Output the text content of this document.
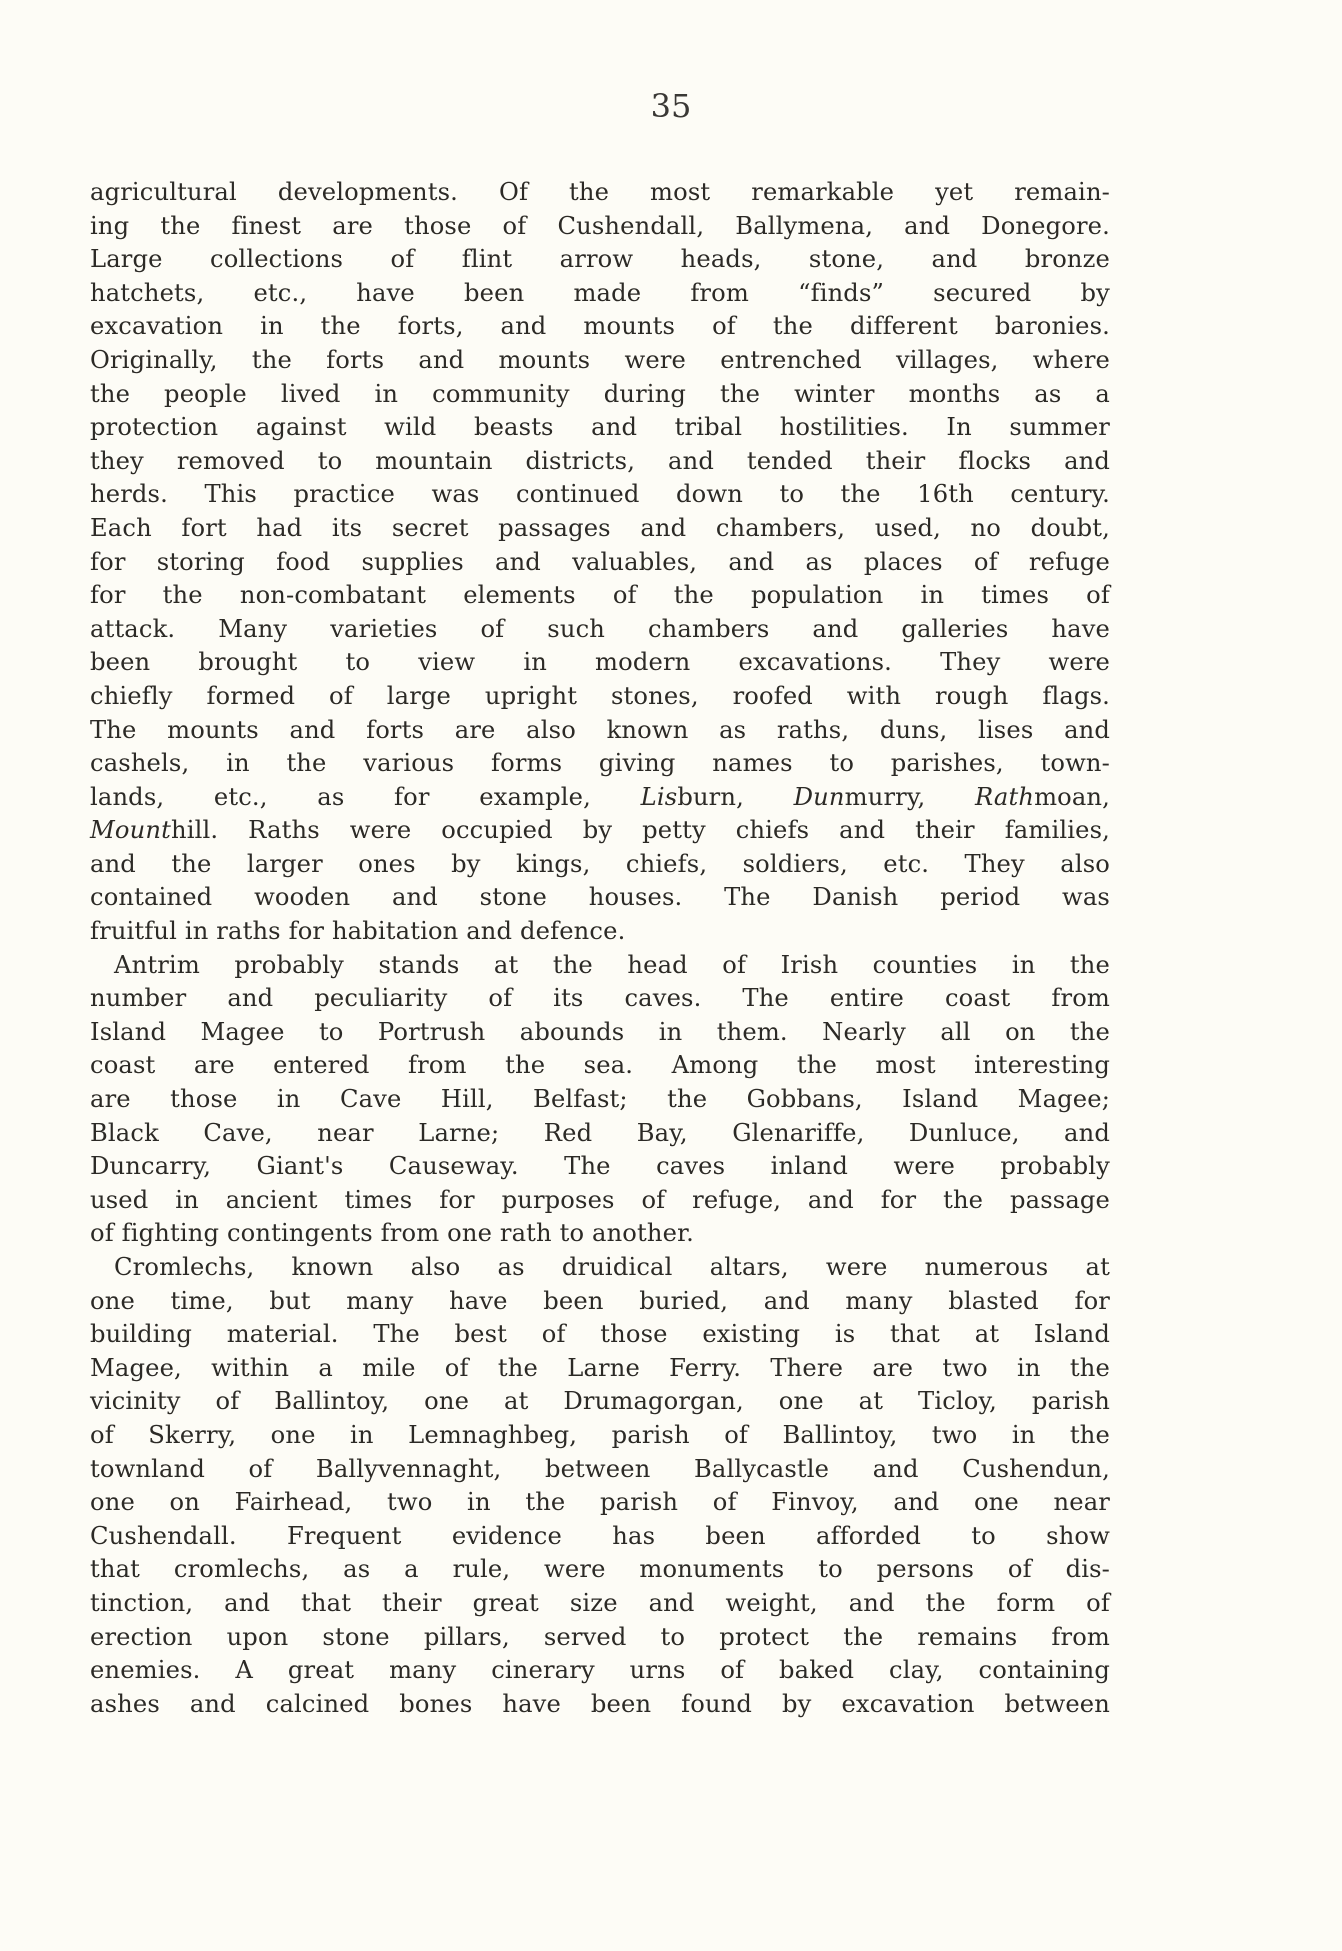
35
agricultural developments. Of the most remarkable yet remain-
ing the finest are those of Cushendall, Ballymena, and Donegore.
Large collections of flint arrow heads, stone, and bronze
hatchets, etc., have been made from “finds” secured by
excavation in the forts, and mounts of the different baronies.
Originally, the forts and mounts were entrenched villages, where
the people lived in community during the winter months as a
protection against wild beasts and tribal hostilities. In summer
they removed to mountain districts, and tended their flocks and
herds. This practice was continued down to the 16th century.
Each fort had its secret passages and chambers, used, no doubt,
for storing food supplies and valuables, and as places of refuge
for the non-combatant elements of the population in times of
attack. Many varieties of such chambers and galleries have
been brought to view in modern excavations. They were
chiefly formed of large upright stones, roofed with rough flags.
The mounts and forts are also known as raths, duns, lises and
cashels, in the various forms giving names to parishes, town-
lands, etc., as for example, Lisburn, Dunmurry, Rathmoan,
Mounthill. Raths were occupied by petty chiefs and their families,
and the larger ones by kings, chiefs, soldiers, etc. They also
contained wooden and stone houses. The Danish period was
fruitful in raths for habitation and defence.
Antrim probably stands at the head of Irish counties in the
number and peculiarity of its caves. The entire coast from
Island Magee to Portrush abounds in them. Nearly all on the
coast are entered from the sea. Among the most interesting
are those in Cave Hill, Belfast; the Gobbans, Island Magee;
Black Cave, near Larne; Red Bay, Glenariffe, Dunluce, and
Duncarry, Giant's Causeway. The caves inland were probably
used in ancient times for purposes of refuge, and for the passage
of fighting contingents from one rath to another.
Cromlechs, known also as druidical altars, were numerous at
one time, but many have been buried, and many blasted for
building material. The best of those existing is that at Island
Magee, within a mile of the Larne Ferry. There are two in the
vicinity of Ballintoy, one at Drumagorgan, one at Ticloy, parish
of Skerry, one in Lemnaghbeg, parish of Ballintoy, two in the
townland of Ballyvennaght, between Ballycastle and Cushendun,
one on Fairhead, two in the parish of Finvoy, and one near
Cushendall. Frequent evidence has been afforded to show
that cromlechs, as a rule, were monuments to persons of dis-
tinction, and that their great size and weight, and the form of
erection upon stone pillars, served to protect the remains from
enemies. A great many cinerary urns of baked clay, containing
ashes and calcined bones have been found by excavation between
